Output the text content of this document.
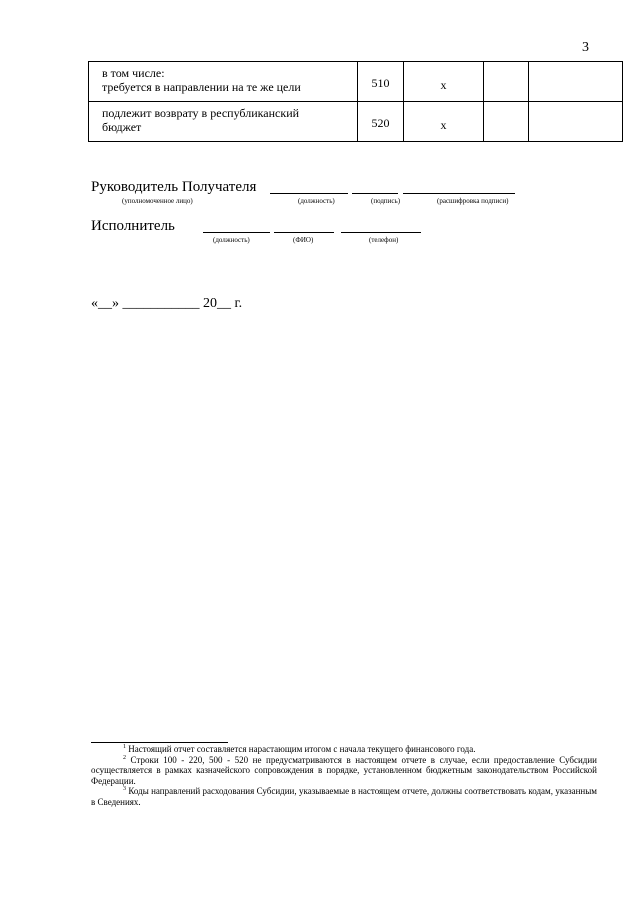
3
в том числе:
требуется в направлении на те же цели	510	x		

подлежит возврату в республиканский
бюджет	520	x		
Руководитель Получателя
(уполномоченное лицо)	(должность)	(подпись)	(расшифровка подписи)
Исполнитель
(должность)	(ФИО)	(телефон)
«__» ___________ 20__ г.

$^1$ Настоящий отчет составляется нарастающим итогом с начала текущего финансового года.

$^2$ Строки 100 - 220, 500 - 520 не предусматриваются в настоящем отчете в случае, если предоставление Субсидии осуществляется в рамках казначейского сопровождения в порядке, установленном бюджетным законодательством Российской Федерации.

$^3$ Коды направлений расходования Субсидии, указываемые в настоящем отчете, должны соответствовать кодам, указанным в Сведениях.
